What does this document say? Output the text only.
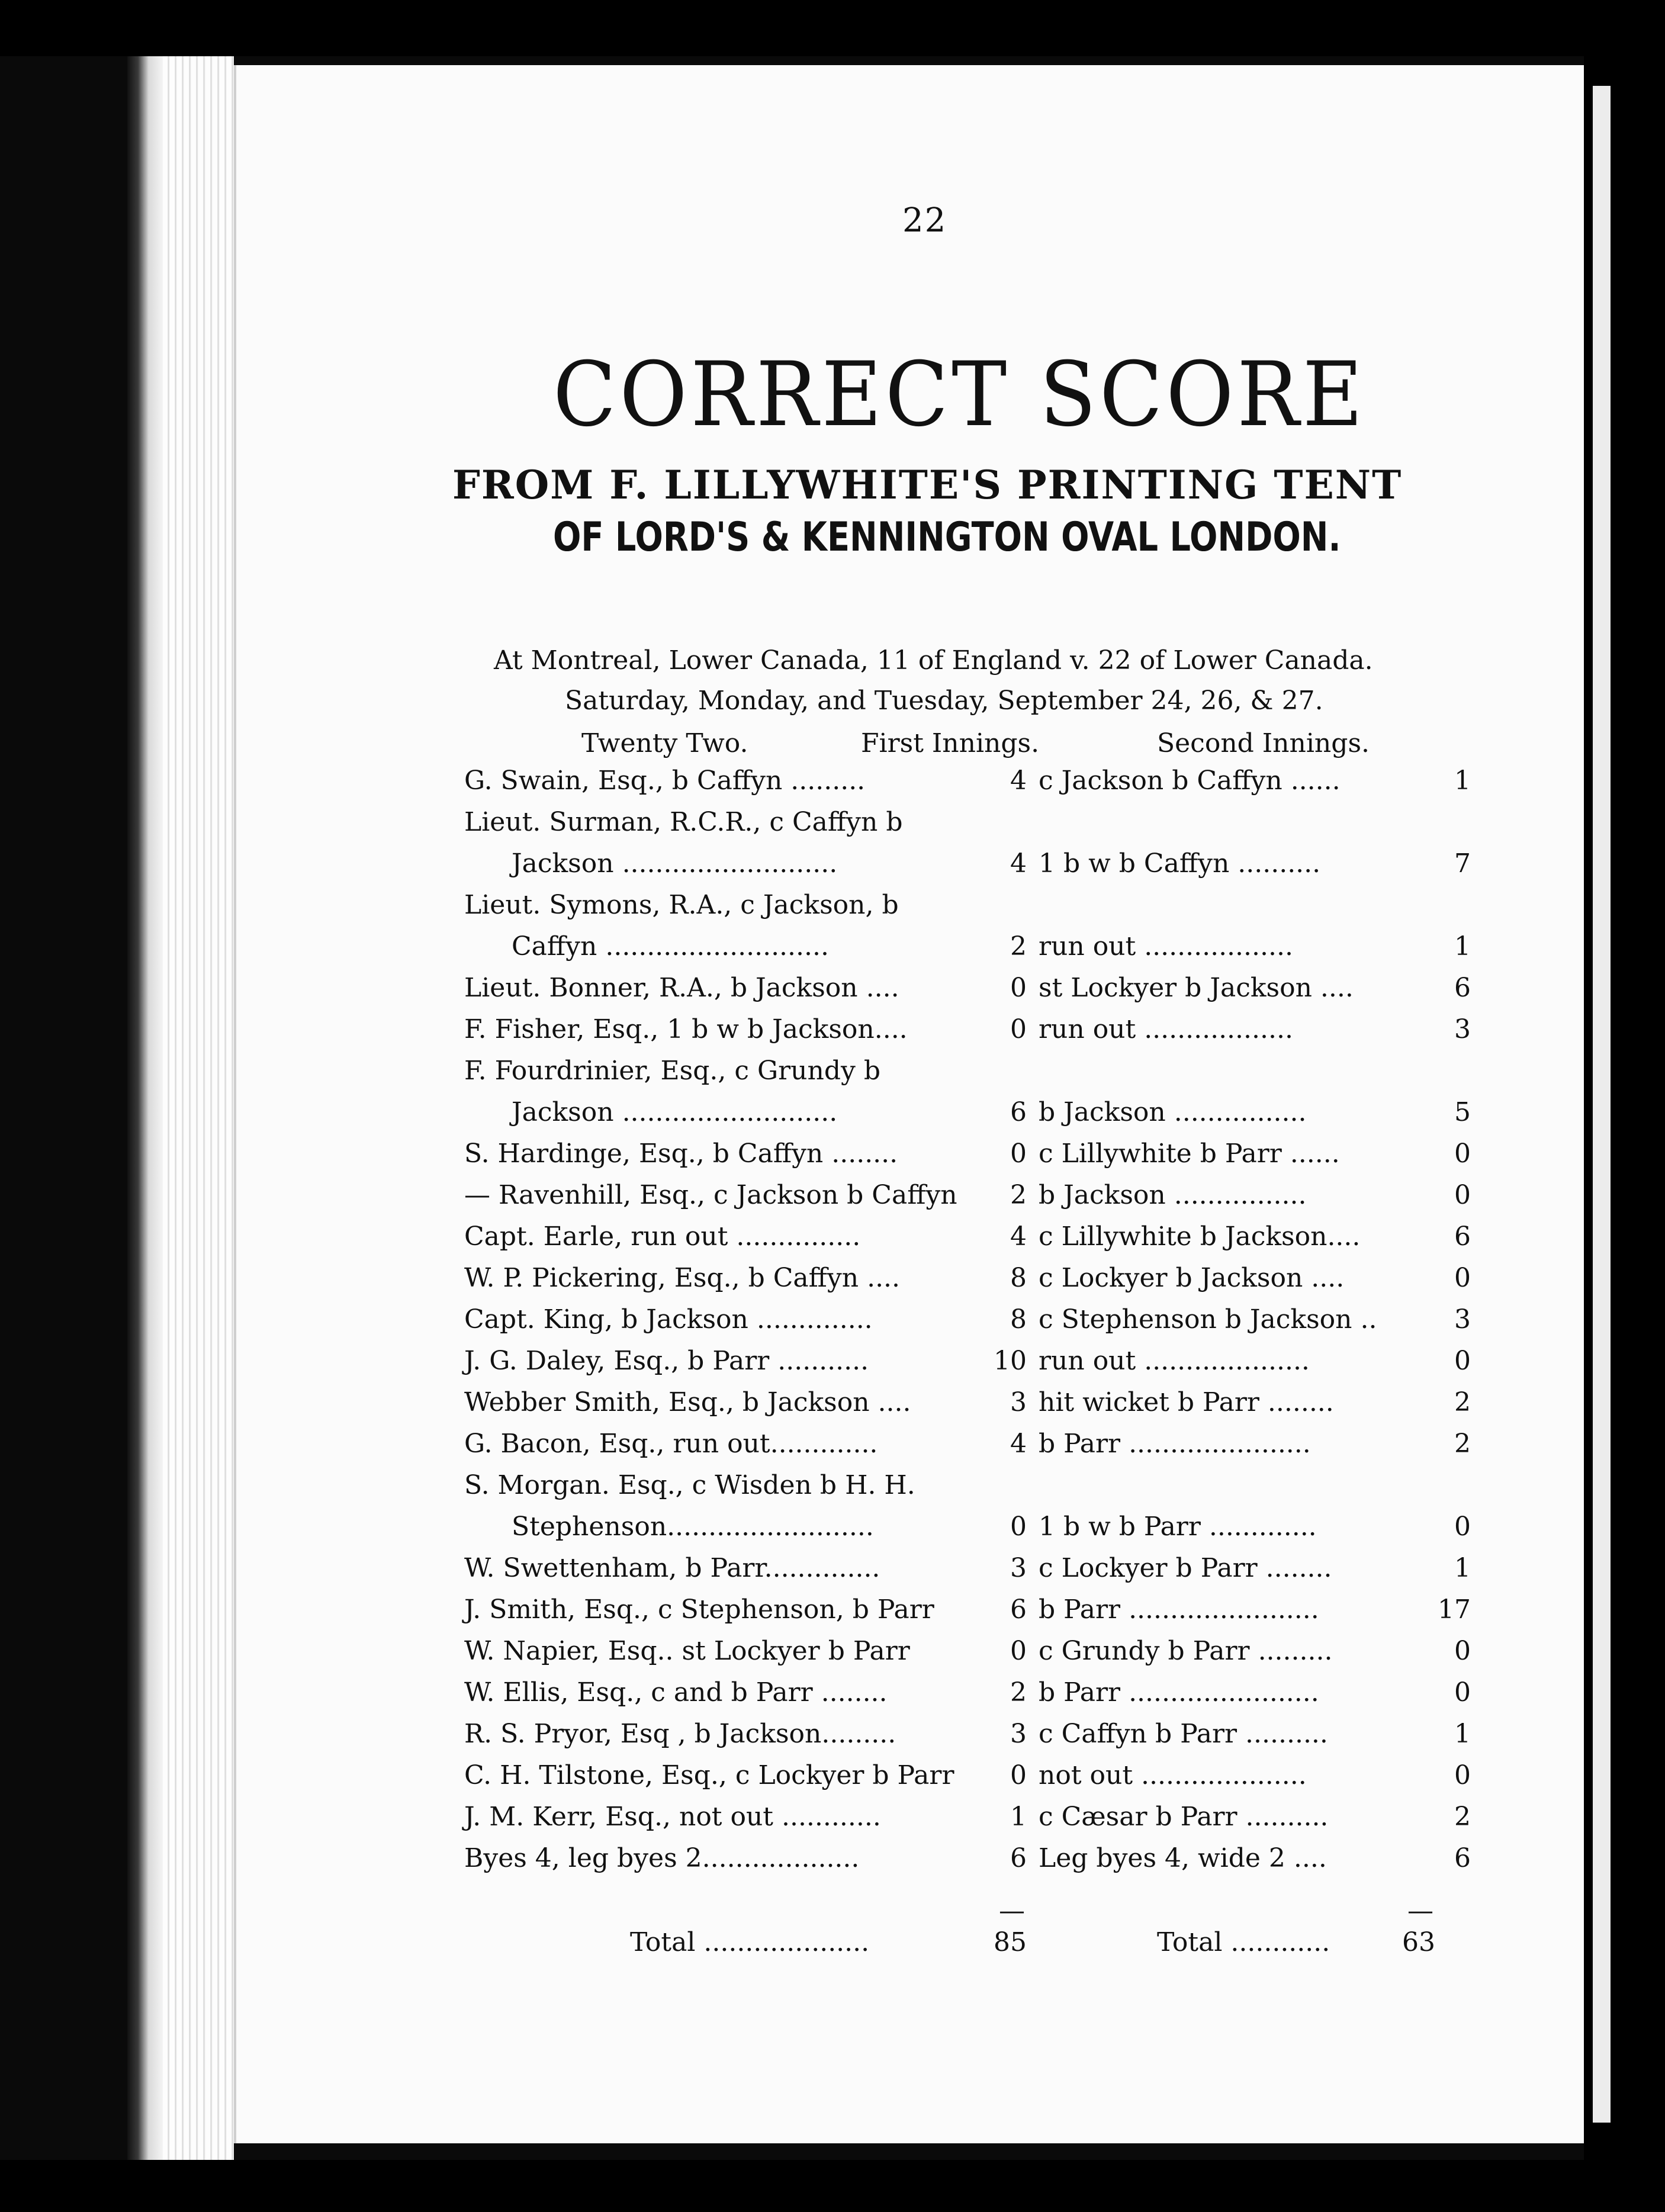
22
CORRECT SCORE
FROM F. LILLYWHITE'S PRINTING TENT
OF LORD'S & KENNINGTON OVAL LONDON.
At Montreal, Lower Canada, 11 of England v. 22 of Lower Canada.
Saturday, Monday, and Tuesday, September 24, 26, & 27.
Twenty Two.	First Innings.	Second Innings.
G. Swain, Esq., b Caffyn .........	4 c Jackson b Caffyn ......	1
Lieut. Surman, R.C.R., c Caffyn b
Jackson ..........................	4 1 b w b Caffyn ..........	7
Lieut. Symons, R.A., c Jackson, b
Caffyn ...........................	2 run out ..................	1
Lieut. Bonner, R.A., b Jackson ....	0 st Lockyer b Jackson ....	6
F. Fisher, Esq., 1 b w b Jackson....	0 run out ..................	3
F. Fourdrinier, Esq., c Grundy b
Jackson ..........................	6 b Jackson ................	5
S. Hardinge, Esq., b Caffyn ........	0 c Lillywhite b Parr ......	0
— Ravenhill, Esq., c Jackson b Caffyn	2 b Jackson ................	0
Capt. Earle, run out ...............	4 c Lillywhite b Jackson....	6
W. P. Pickering, Esq., b Caffyn ....	8 c Lockyer b Jackson ....	0
Capt. King, b Jackson ..............	8 c Stephenson b Jackson ..	3
J. G. Daley, Esq., b Parr ...........	10 run out ....................	0
Webber Smith, Esq., b Jackson ....	3 hit wicket b Parr ........	2
G. Bacon, Esq., run out.............	4 b Parr ......................	2
S. Morgan. Esq., c Wisden b H. H.
Stephenson.........................	0 1 b w b Parr .............	0
W. Swettenham, b Parr..............	3 c Lockyer b Parr ........	1
J. Smith, Esq., c Stephenson, b Parr	6 b Parr .......................	17
W. Napier, Esq.. st Lockyer b Parr	0 c Grundy b Parr .........	0
W. Ellis, Esq., c and b Parr ........	2 b Parr .......................	0
R. S. Pryor, Esq , b Jackson.........	3 c Caffyn b Parr ..........	1
C. H. Tilstone, Esq., c Lockyer b Parr	0 not out ....................	0
J. M. Kerr, Esq., not out ............	1 c Cæsar b Parr ..........	2
Byes 4, leg byes 2...................	6 Leg byes 4, wide 2 ....	6
—	—
Total ....................	85	Total ............	63
